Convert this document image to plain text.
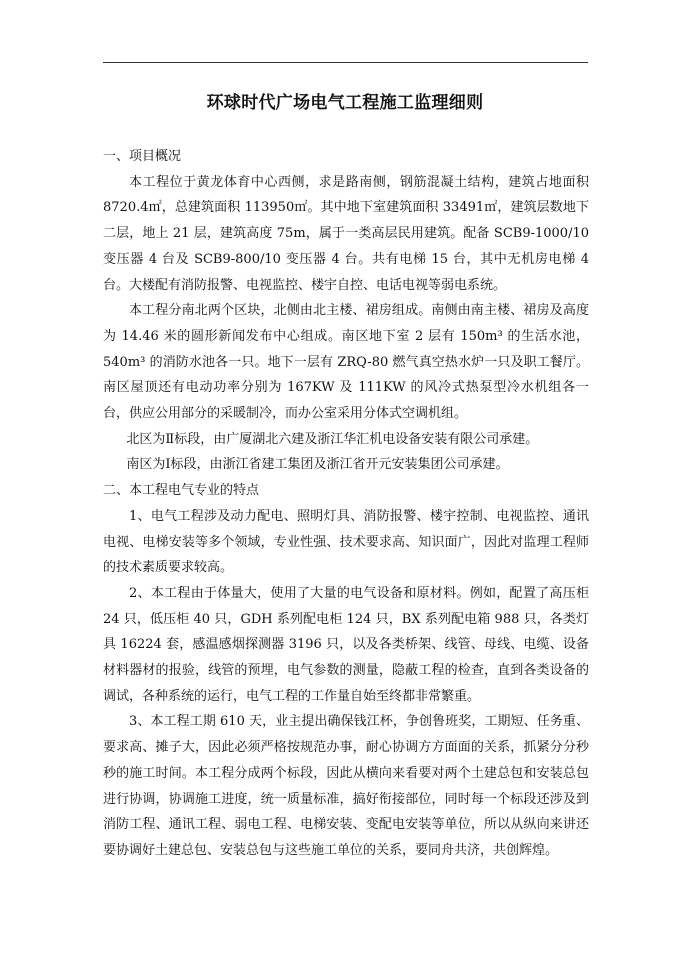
环球时代广场电气工程施工监理细则

一、项目概况

本工程位于黄龙体育中心西侧，求是路南侧，钢筋混凝土结构，建筑占地面积 8720.4㎡，总建筑面积 113950㎡。其中地下室建筑面积 33491㎡，建筑层数地下二层，地上 21 层，建筑高度 75m，属于一类高层民用建筑。配备 SCB9-1000/10 变压器 4 台及 SCB9-800/10 变压器 4 台。共有电梯 15 台，其中无机房电梯 4 台。大楼配有消防报警、电视监控、楼宇自控、电话电视等弱电系统。

本工程分南北两个区块，北侧由北主楼、裙房组成。南侧由南主楼、裙房及高度为 14.46 米的圆形新闻发布中心组成。南区地下室 2 层有 150m³ 的生活水池，540m³ 的消防水池各一只。地下一层有 ZRQ-80 燃气真空热水炉一只及职工餐厅。南区屋顶还有电动功率分别为 167KW 及 111KW 的风冷式热泵型冷水机组各一台，供应公用部分的采暖制冷，而办公室采用分体式空调机组。

北区为Ⅱ标段，由广厦湖北六建及浙江华汇机电设备安装有限公司承建。

南区为Ⅰ标段，由浙江省建工集团及浙江省开元安装集团公司承建。

二、本工程电气专业的特点

1、电气工程涉及动力配电、照明灯具、消防报警、楼宇控制、电视监控、通讯电视、电梯安装等多个领域，专业性强、技术要求高、知识面广，因此对监理工程师的技术素质要求较高。

2、本工程由于体量大，使用了大量的电气设备和原材料。例如，配置了高压柜 24 只，低压柜 40 只，GDH 系列配电柜 124 只，BX 系列配电箱 988 只，各类灯具 16224 套，感温感烟探测器 3196 只，以及各类桥架、线管、母线、电缆、设备材料器材的报验，线管的预埋，电气参数的测量，隐蔽工程的检查，直到各类设备的调试，各种系统的运行，电气工程的工作量自始至终都非常繁重。

3、本工程工期 610 天，业主提出确保钱江杯，争创鲁班奖，工期短、任务重、要求高、摊子大，因此必须严格按规范办事，耐心协调方方面面的关系，抓紧分分秒秒的施工时间。本工程分成两个标段，因此从横向来看要对两个土建总包和安装总包进行协调，协调施工进度，统一质量标准，搞好衔接部位，同时每一个标段还涉及到消防工程、通讯工程、弱电工程、电梯安装、变配电安装等单位，所以从纵向来讲还要协调好土建总包、安装总包与这些施工单位的关系，要同舟共济，共创辉煌。
